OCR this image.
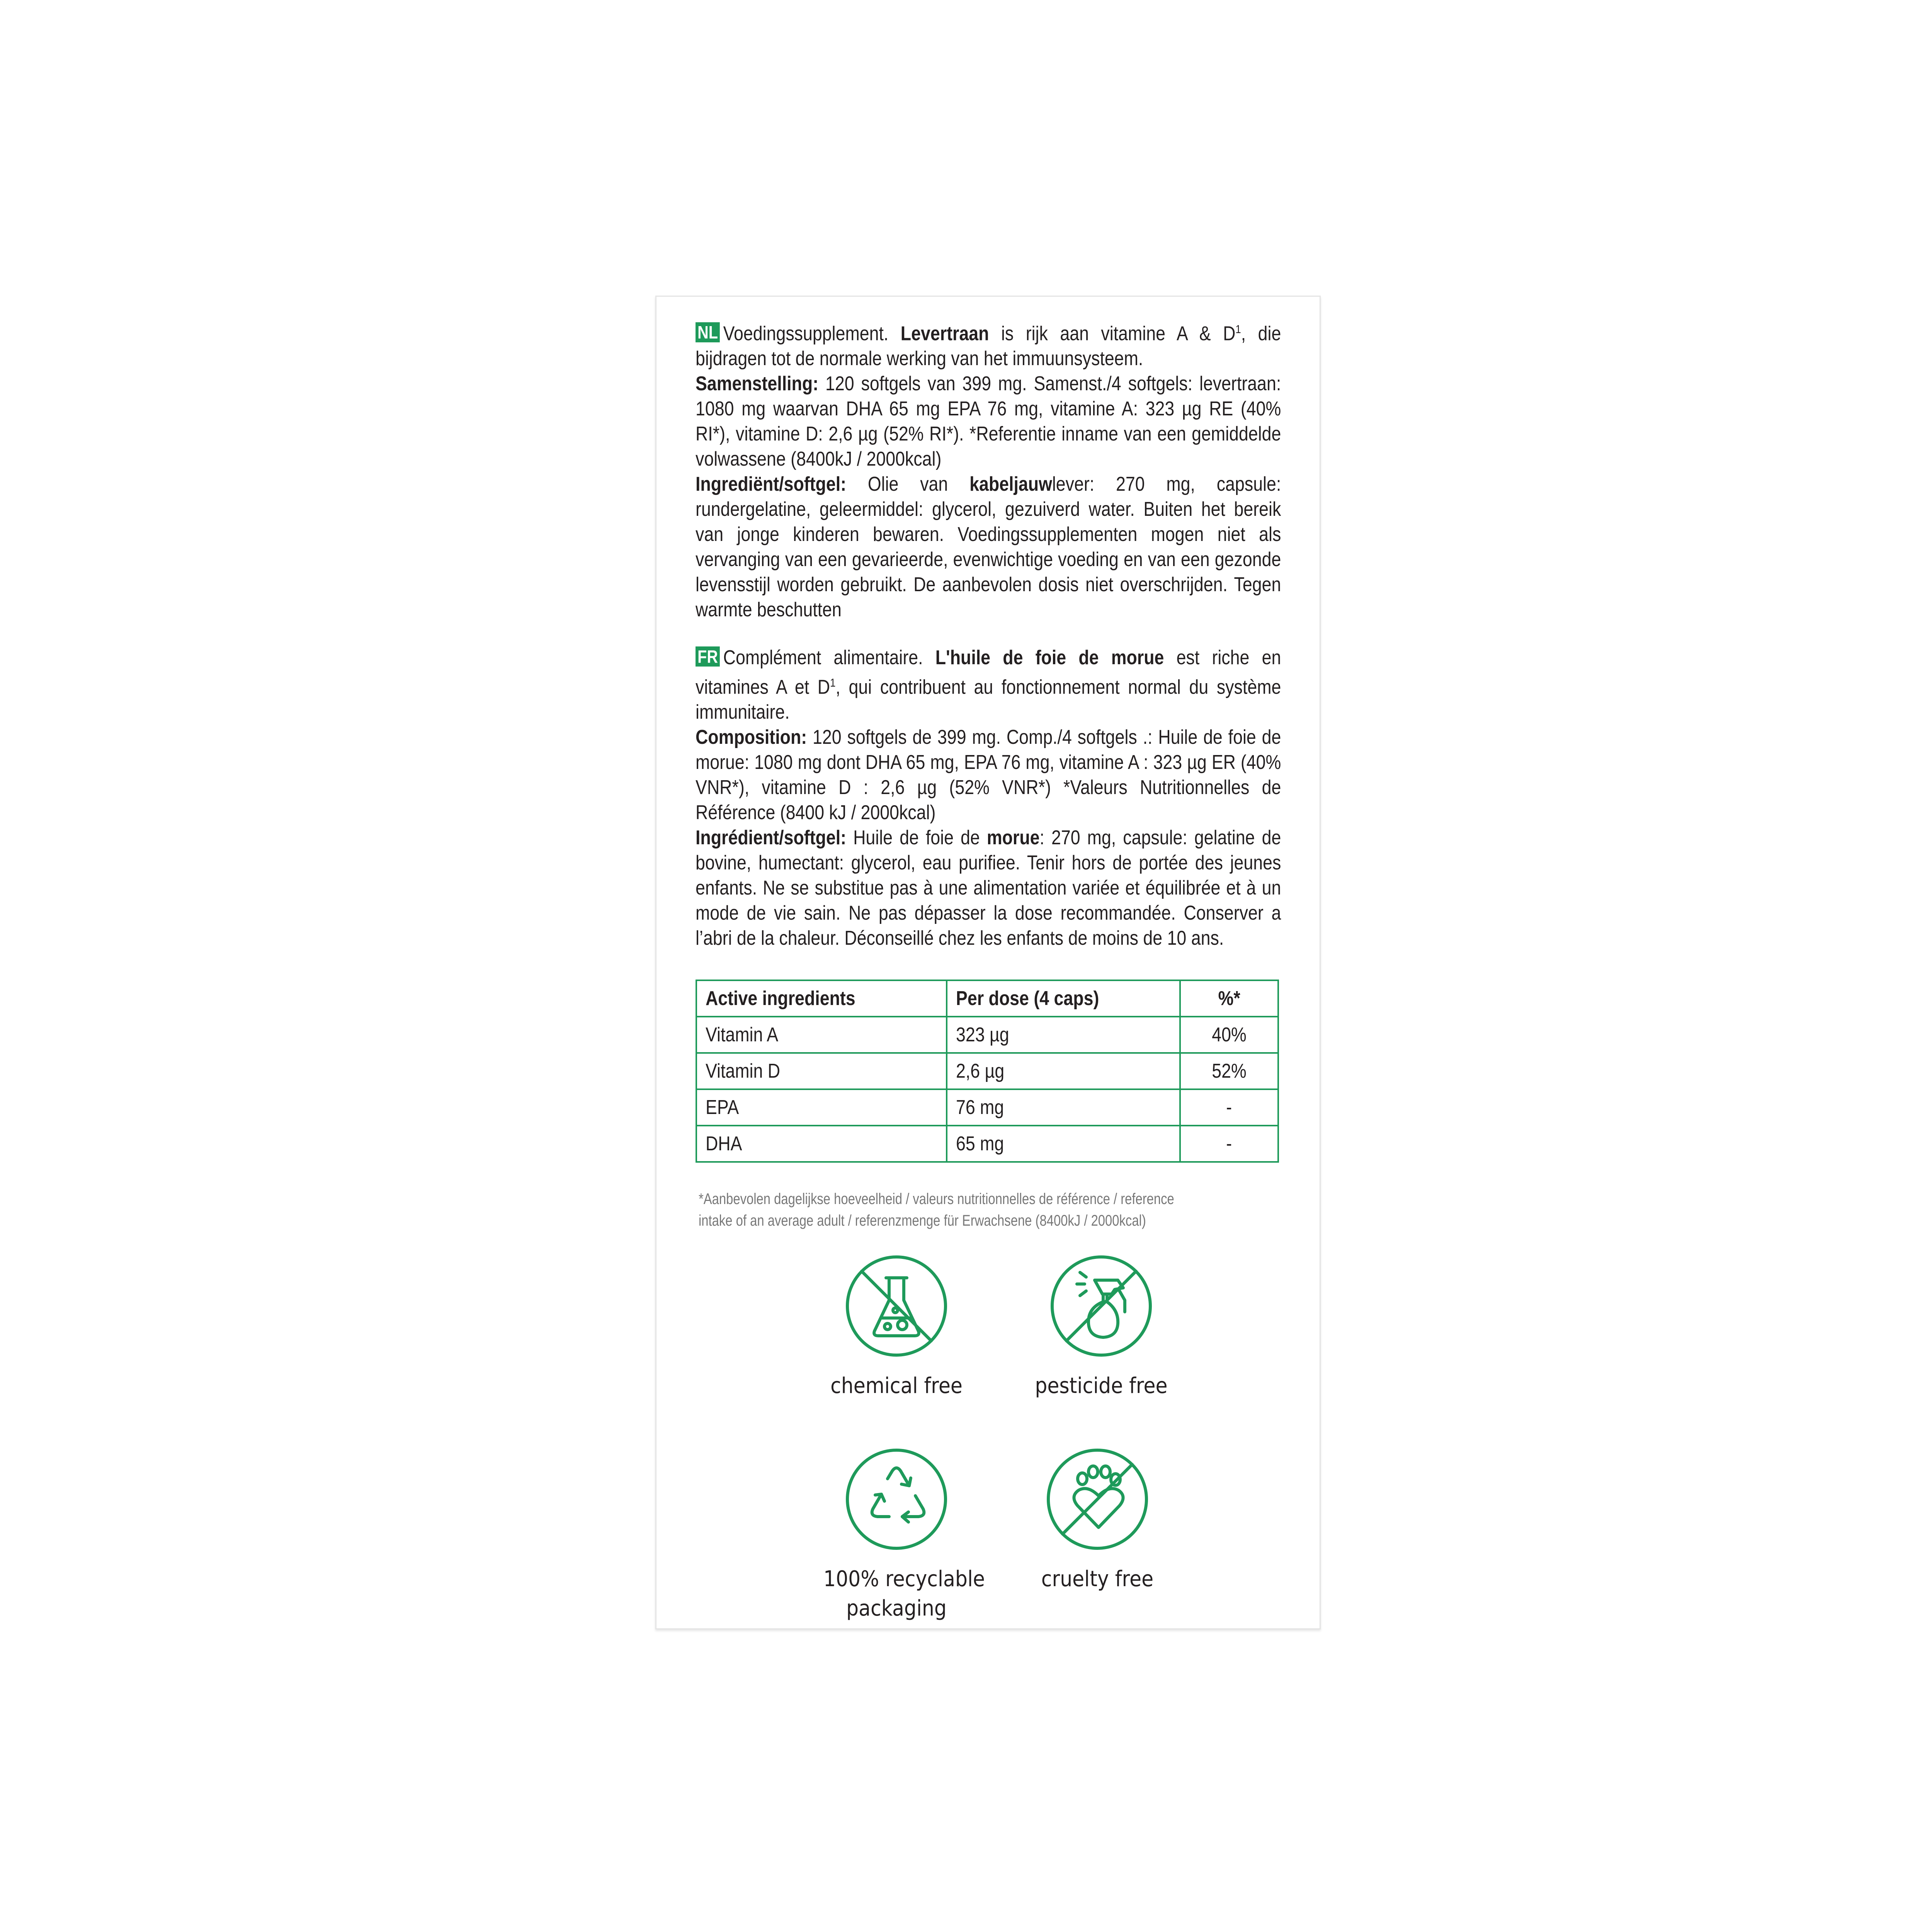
NL Voedingssupplement. Levertraan is rijk aan vitamine A & $D^1$, die bijdragen tot de normale werking van het immuunsysteem.

Samenstelling: 120 softgels van 399 mg. Samenst./4 softgels: levertraan: 1080 mg waarvan DHA 65 mg EPA 76 mg, vitamine A: 323 µg RE (40% RI*), vitamine D: 2,6 µg (52% RI*). *Referentie inname van een gemiddelde volwassene (8400kJ / 2000kcal)

Ingrediënt/softgel: Olie van kabeljauwlever: 270 mg, capsule: rundergelatine, geleermiddel: glycerol, gezuiverd water. Buiten het bereik van jonge kinderen bewaren. Voedingssupplementen mogen niet als vervanging van een gevarieerde, evenwichtige voeding en van een gezonde levensstijl worden gebruikt. De aanbevolen dosis niet overschrijden. Tegen warmte beschutten

FR Complément alimentaire. L'huile de foie de morue est riche en vitamines A et $D^1$, qui contribuent au fonctionnement normal du système immunitaire.

Composition: 120 softgels de 399 mg. Comp./4 softgels .: Huile de foie de morue: 1080 mg dont DHA 65 mg, EPA 76 mg, vitamine A : 323 µg ER (40% VNR*), vitamine D : 2,6 µg (52% VNR*) *Valeurs Nutritionnelles de Référence (8400 kJ / 2000kcal)

Ingrédient/softgel: Huile de foie de morue: 270 mg, capsule: gelatine de bovine, humectant: glycerol, eau purifiee. Tenir hors de portée des jeunes enfants. Ne se substitue pas à une alimentation variée et équilibrée et à un mode de vie sain. Ne pas dépasser la dose recommandée. Conserver a l’abri de la chaleur. Déconseillé chez les enfants de moins de 10 ans.

Active ingredients	Per dose (4 caps)	%*
Vitamin A	323 µg	40%
Vitamin D	2,6 µg	52%
EPA	76 mg	-
DHA	65 mg	-
*Aanbevolen dagelijkse hoeveelheid / valeurs nutritionnelles de référence / reference
intake of an average adult / referenzmenge für Erwachsene (8400kJ / 2000kcal)
chemical free	pesticide free
100% recyclable
packaging
cruelty free
